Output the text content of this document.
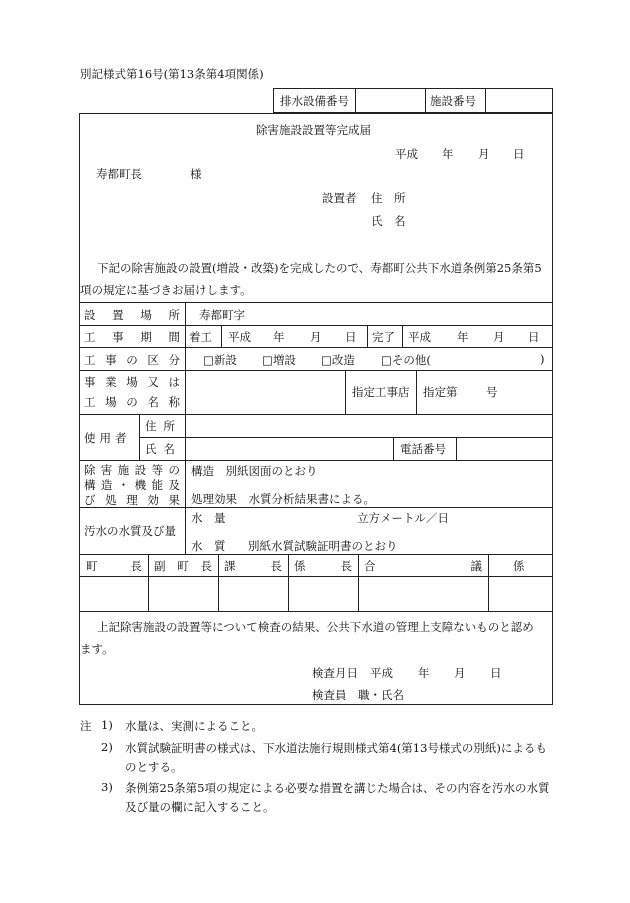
別記様式第16号(第13条第4項関係)
排水設備番号	施設番号
除害施設設置等完成届
平成 年 月 日
寿都町長	様
設置者 住　所
氏　名
下記の除害施設の設置(増設・改築)を完成したので、寿都町公共下水道条例第25条第5
項の規定に基づきお届けします。
設 置 場 所 寿都町字
工 事 期 間 着工 平成 年 月 日 完了 平成 年 月 日
工 事 の 区 分 □新設 □増設 □改造 □その他(	)
事 業 場 又 は
工 場 の 名 称
指定工事店 指定第 号
使用者
住所
氏名	電話番号
除 害 施 設 等 の
構 造 ・ 機 能 及
び 処 理 効 果
構造　別紙図面のとおり
処理効果　水質分析結果書による。
汚水の水質及び量
水　量	立方メートル／日
水　質 別紙水質試験証明書のとおり
町	長 副 町 長 課	長 係	長 合	議	係
上記除害施設の設置等について検査の結果、公共下水道の管理上支障ないものと認め
ます。
検査月日 平成 年 月 日
検査員　職・氏名
注 1) 水量は、実測によること。
2) 水質試験証明書の様式は、下水道法施行規則様式第4(第13号様式の別紙)によるも
のとする。
3) 条例第25条第5項の規定による必要な措置を講じた場合は、その内容を汚水の水質
及び量の欄に記入すること。
